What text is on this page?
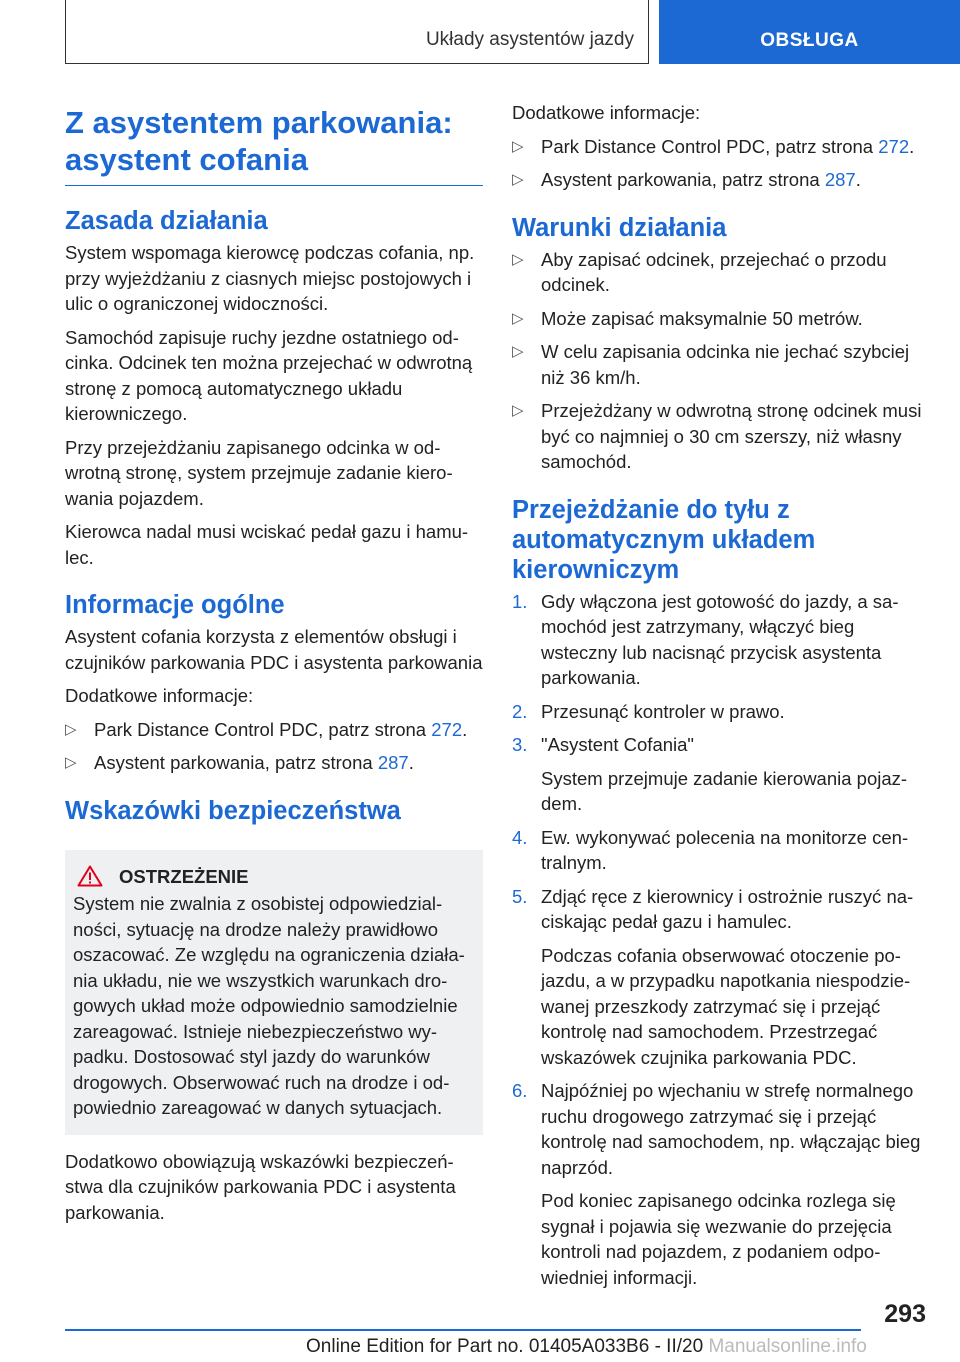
Układy asystentów jazdy	OBSŁUGA
Z asystentem parkowania: asystent cofania
Zasada działania
System wspomaga kierowcę podczas cofania, np. przy wyjeżdżaniu z ciasnych miejsc postojowych i ulic o ograniczonej widoczności.
Samochód zapisuje ruchy jezdne ostatniego odcinka. Odcinek ten można przejechać w odwrotną stronę z pomocą automatycznego układu kierowniczego.
Przy przejeżdżaniu zapisanego odcinka w odwrotną stronę, system przejmuje zadanie kierowania pojazdem.
Kierowca nadal musi wciskać pedał gazu i hamulec.
Informacje ogólne
Asystent cofania korzysta z elementów obsługi i czujników parkowania PDC i asystenta parkowania
Dodatkowe informacje:
▷ Park Distance Control PDC, patrz strona 272.
▷ Asystent parkowania, patrz strona 287.
Wskazówki bezpieczeństwa
OSTRZEŻENIE
System nie zwalnia z osobistej odpowiedzialności, sytuację na drodze należy prawidłowo oszacować. Ze względu na ograniczenia działania układu, nie we wszystkich warunkach drogowych układ może odpowiednio samodzielnie zareagować. Istnieje niebezpieczeństwo wypadku. Dostosować styl jazdy do warunków drogowych. Obserwować ruch na drodze i odpowiednio zareagować w danych sytuacjach.
Dodatkowo obowiązują wskazówki bezpieczeństwa dla czujników parkowania PDC i asystenta parkowania.
Dodatkowe informacje:
▷ Park Distance Control PDC, patrz strona 272.
▷ Asystent parkowania, patrz strona 287.
Warunki działania
▷ Aby zapisać odcinek, przejechać o przodu odcinek.
▷ Może zapisać maksymalnie 50 metrów.
▷ W celu zapisania odcinka nie jechać szybciej niż 36 km/h.
▷ Przejeżdżany w odwrotną stronę odcinek musi być co najmniej o 30 cm szerszy, niż własny samochód.
Przejeżdżanie do tyłu z automatycznym układem kierowniczym
1. Gdy włączona jest gotowość do jazdy, a samochód jest zatrzymany, włączyć bieg wsteczny lub nacisnąć przycisk asystenta parkowania.
2. Przesunąć kontroler w prawo.
3. "Asystent Cofania"
System przejmuje zadanie kierowania pojazdem.
4. Ew. wykonywać polecenia na monitorze centralnym.
5. Zdjąć ręce z kierownicy i ostrożnie ruszyć naciskając pedał gazu i hamulec.
Podczas cofania obserwować otoczenie pojazdu, a w przypadku napotkania niespodziewanej przeszkody zatrzymać się i przejąć kontrolę nad samochodem. Przestrzegać wskazówek czujnika parkowania PDC.
6. Najpóźniej po wjechaniu w strefę normalnego ruchu drogowego zatrzymać się i przejąć kontrolę nad samochodem, np. włączając bieg naprzód.
Pod koniec zapisanego odcinka rozlega się sygnał i pojawia się wezwanie do przejęcia kontroli nad pojazdem, z podaniem odpowiedniej informacji.
293
Online Edition for Part no. 01405A033B6 - II/20 Manualsonline.info
